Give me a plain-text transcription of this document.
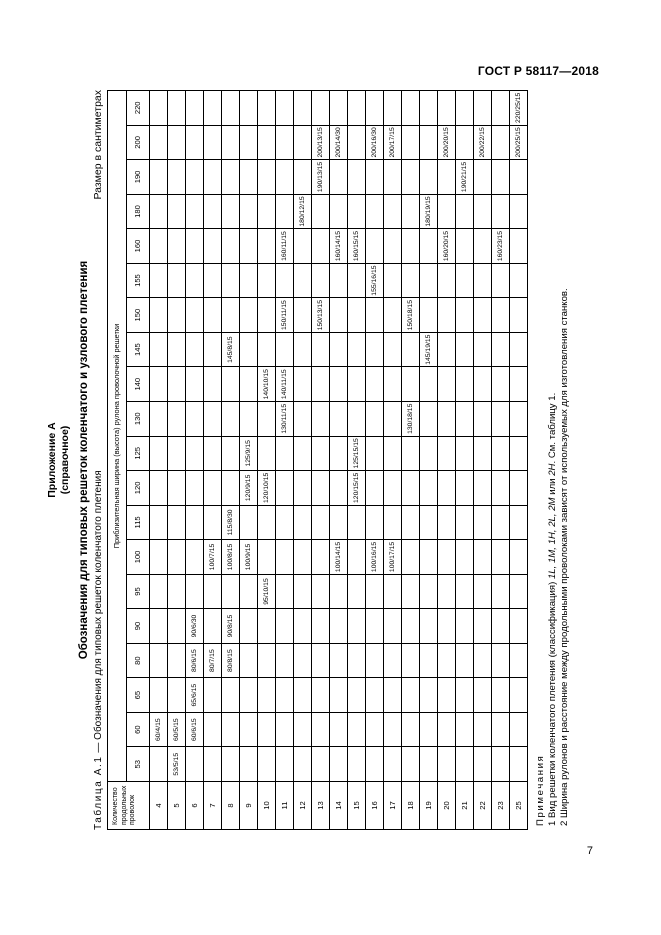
ГОСТ Р 58117—2018
Приложение А (справочное) Обозначения для типовых решеток коленчатого и узлового плетения
Таблица А.1 — Обозначения для типовых решеток коленчатого плетения
Размер в сантиметрах
Количество продольных проволок	Приблизительная ширина (высота) рулона проволочной решетки																			
	53	60	65	80	90	95	100	115	120	125	130	140	145	150	155	160	180	190	200	220
4		60/4/15																		
5	53/5/15	60/5/15																		
6		60/6/15	65/6/15	80/6/15	90/6/30															
7				80/7/15			100/7/15													
8				80/8/15	90/8/15		100/8/15	115/8/30					145/8/15							
9							100/9/15		120/9/15	125/9/15										
10						95/10/15			120/10/15			140/10/15								
11											130/11/15	140/11/15		150/11/15		160/11/15				
12																	180/12/15			
13														150/13/15				190/13/15	200/13/15	
14							100/14/15									160/14/15			200/14/30	
15									120/15/15	125/15/15						160/15/15				
16							100/16/15								155/16/15				200/16/30	
17							100/17/15												200/17/15	
18											130/18/15			150/18/15						
19													145/19/15				180/19/15			
20																160/20/15			200/20/15	
21																		190/21/15		
22																			200/22/15	
23																160/23/15				
25																			200/25/15	220/25/15
Примечания 1 Вид решетки коленчатого плетения (классификация) 1L, 1M, 1H, 2L, 2M или 2H. См. таблицу 1. 2 Ширина рулонов и расстояние между продольными проволоками зависят от используемых для изготовления станков.
7
